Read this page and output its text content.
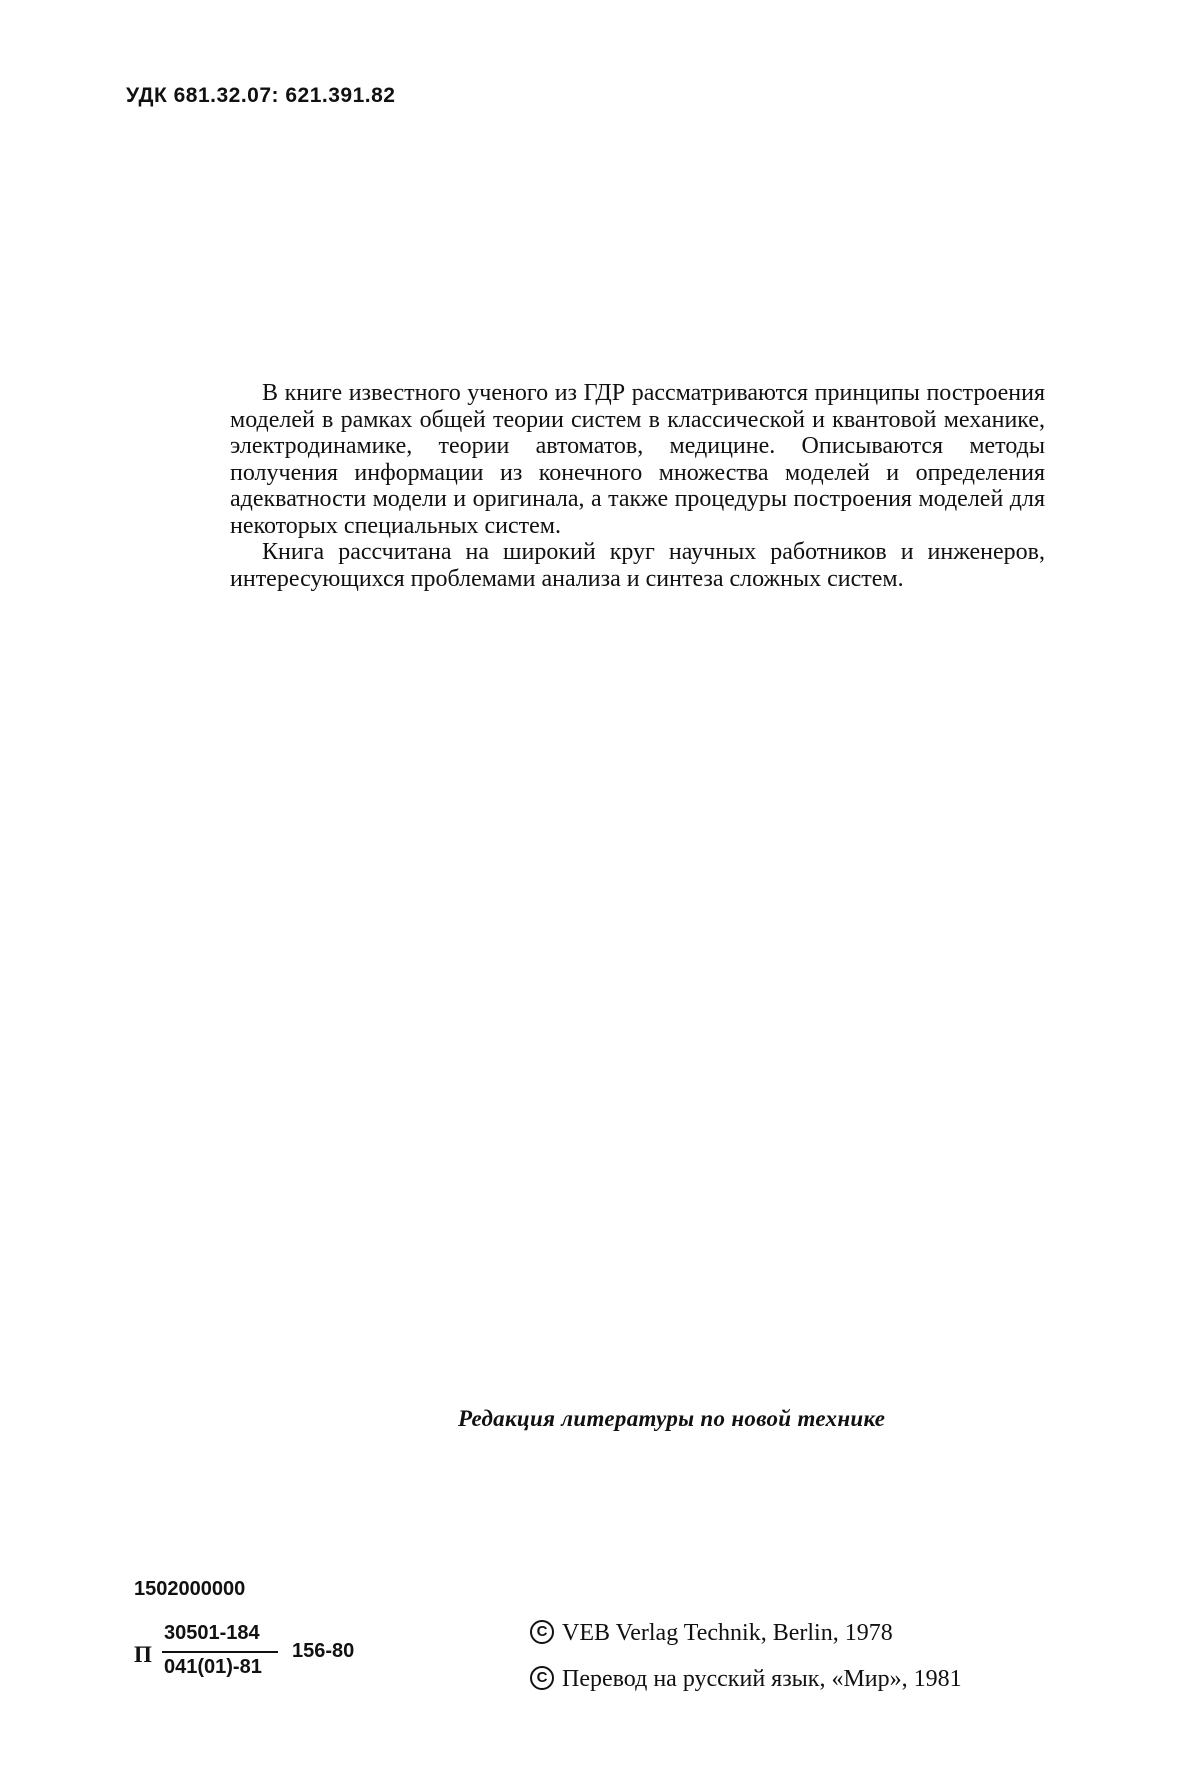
УДК 681.32.07: 621.391.82

В книге известного ученого из ГДР рассматриваются принципы построения моделей в рамках общей теории систем в классической и квантовой механике, электродинамике, теории автоматов, медицине. Описываются методы получения информации из конечного множества моделей и определения адекватности модели и оригинала, а также процедуры построения моделей для некоторых специальных систем.

Книга рассчитана на широкий круг научных работников и инженеров, интересующихся проблемами анализа и синтеза сложных систем.

Редакция литературы по новой технике
1502000000
П
30501-184
041(01)-81
156-80
CVEB Verlag Technik, Berlin, 1978
CПеревод на русский язык, «Мир», 1981
